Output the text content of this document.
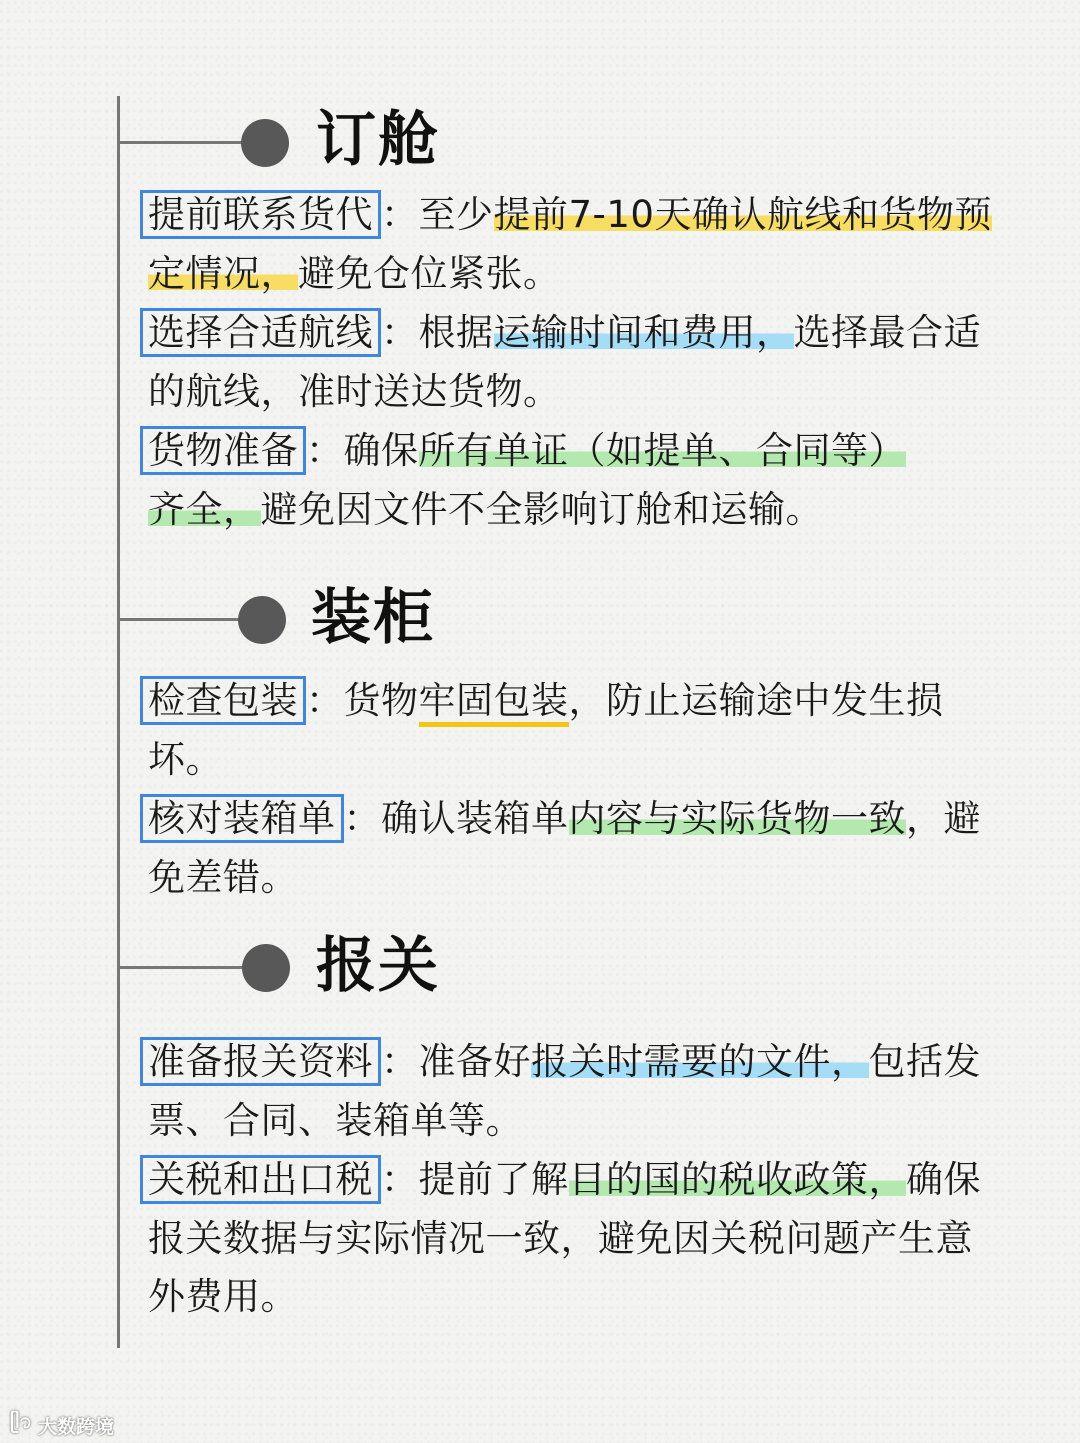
订舱

提前联系货代 ：至少提前7-10天确认航线和货物预定情况，避免仓位紧张。

选择合适航线 ：根据运输时间和费用，选择最合适的航线，准时送达货物。

货物准备 ：确保所有单证（如提单、合同等）齐全，避免因文件不全影响订舱和运输。

装柜

检查包装 ：货物牢固包装，防止运输途中发生损坏。

核对装箱单 ：确认装箱单内容与实际货物一致，避免差错。

报关

准备报关资料 ：准备好报关时需要的文件，包括发票、合同、装箱单等。

关税和出口税 ：提前了解目的国的税收政策，确保报关数据与实际情况一致，避免因关税问题产生意外费用。

ᥫ᭡ 大数跨境
